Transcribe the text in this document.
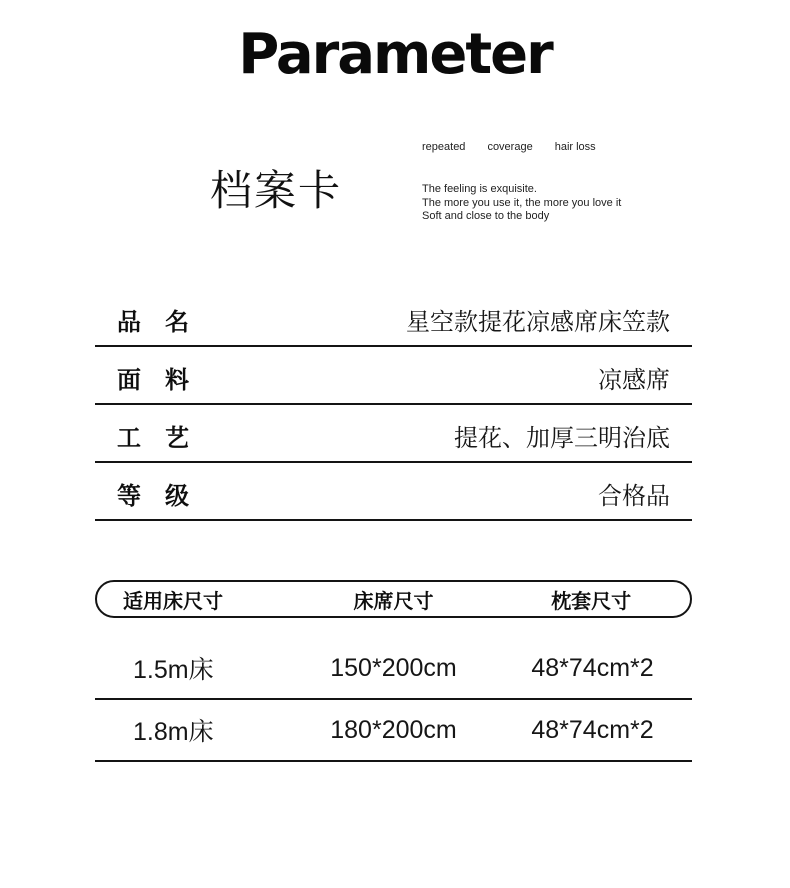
Parameter
档案卡
repeated coverage hair loss
The feeling is exquisite.
The more you use it, the more you love it
Soft and close to the body
品　名	星空款提花凉感席床笠款
面　料	凉感席
工　艺	提花、加厚三明治底
等　级	合格品
适用床尺寸	床席尺寸	枕套尺寸
1.5m床	150*200cm	48*74cm*2
1.8m床	180*200cm	48*74cm*2
